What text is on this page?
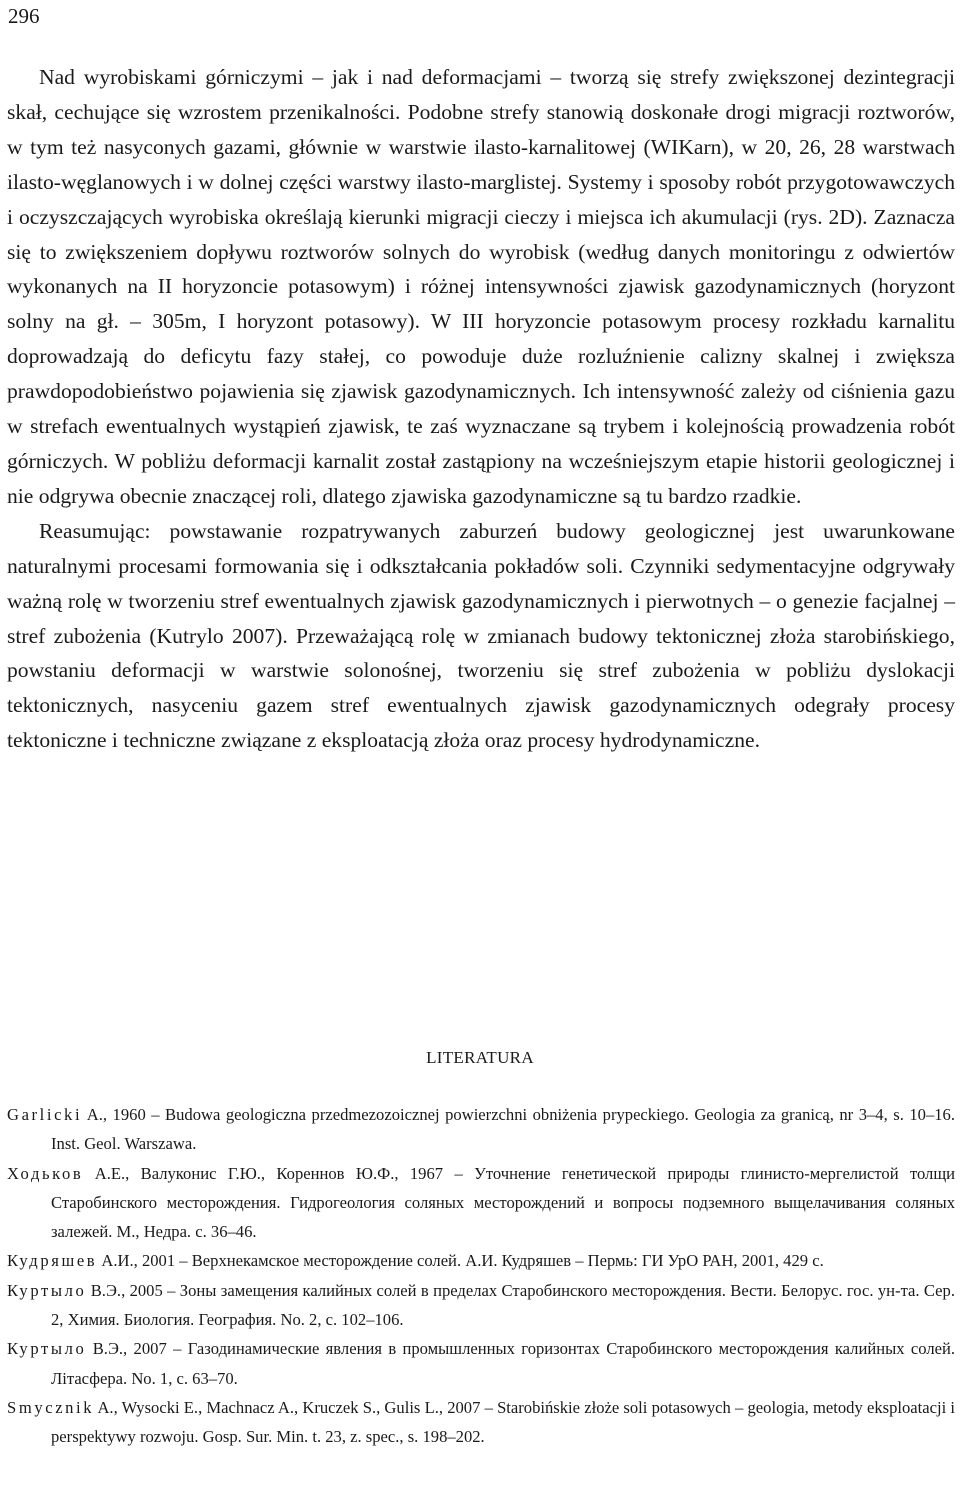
296

Nad wyrobiskami górniczymi – jak i nad deformacjami – tworzą się strefy zwiększonej dezintegracji skał, cechujące się wzrostem przenikalności. Podobne strefy stanowią doskonałe drogi migracji roztworów, w tym też nasyconych gazami, głównie w warstwie ilasto-karnalitowej (WIKarn), w 20, 26, 28 warstwach ilasto-węglanowych i w dolnej części warstwy ilasto-marglistej. Systemy i sposoby robót przygotowawczych i oczyszczających wyrobiska określają kierunki migracji cieczy i miejsca ich akumulacji (rys. 2D). Zaznacza się to zwiększeniem dopływu roztworów solnych do wyrobisk (według danych monitoringu z odwiertów wykonanych na II horyzoncie potasowym) i różnej intensywności zjawisk gazodynamicznych (horyzont solny na gł. – 305m, I horyzont potasowy). W III horyzoncie potasowym procesy rozkładu karnalitu doprowadzają do deficytu fazy stałej, co powoduje duże rozluźnienie calizny skalnej i zwiększa prawdopodobieństwo pojawienia się zjawisk gazodynamicznych. Ich intensywność zależy od ciśnienia gazu w strefach ewentualnych wystąpień zjawisk, te zaś wyznaczane są trybem i kolejnością prowadzenia robót górniczych. W pobliżu deformacji karnalit został zastąpiony na wcześniejszym etapie historii geologicznej i nie odgrywa obecnie znaczącej roli, dlatego zjawiska gazodynamiczne są tu bardzo rzadkie.

Reasumując: powstawanie rozpatrywanych zaburzeń budowy geologicznej jest uwarunkowane naturalnymi procesami formowania się i odkształcania pokładów soli. Czynniki sedymentacyjne odgrywały ważną rolę w tworzeniu stref ewentualnych zjawisk gazodynamicznych i pierwotnych – o genezie facjalnej – stref zubożenia (Kutrylo 2007). Przeważającą rolę w zmianach budowy tektonicznej złoża starobińskiego, powstaniu deformacji w warstwie solonośnej, tworzeniu się stref zubożenia w pobliżu dyslokacji tektonicznych, nasyceniu gazem stref ewentualnych zjawisk gazodynamicznych odegrały procesy tektoniczne i techniczne związane z eksploatacją złoża oraz procesy hydrodynamiczne.

LITERATURA

Garlicki A., 1960 – Budowa geologiczna przedmezozoicznej powierzchni obniżenia prypeckiego. Geologia za granicą, nr 3–4, s. 10–16. Inst. Geol. Warszawa.

Ходьков А.Е., Валуконис Г.Ю., Кореннов Ю.Ф., 1967 – Уточнение генетической природы глинисто-мергелистой толщи Старобинского месторождения. Гидрогеология соляных месторождений и вопросы подземного выщелачивания соляных залежей. М., Недра. с. 36–46.

Кудряшев А.И., 2001 – Верхнекамское месторождение солей. А.И. Кудряшев – Пермь: ГИ УрО РАН, 2001, 429 с.

Куртыло В.Э., 2005 – Зоны замещения калийных солей в пределах Старобинского месторождения. Вести. Белорус. гос. ун-та. Сер. 2, Химия. Биология. География. No. 2, с. 102–106.

Куртыло В.Э., 2007 – Газодинамические явления в промышленных горизонтах Старобинского месторождения калийных солей. Літасфера. No. 1, с. 63–70.

Smycznik A., Wysocki E., Machnacz A., Kruczek S., Gulis L., 2007 – Starobińskie złoże soli potasowych – geologia, metody eksploatacji i perspektywy rozwoju. Gosp. Sur. Min. t. 23, z. spec., s. 198–202.
